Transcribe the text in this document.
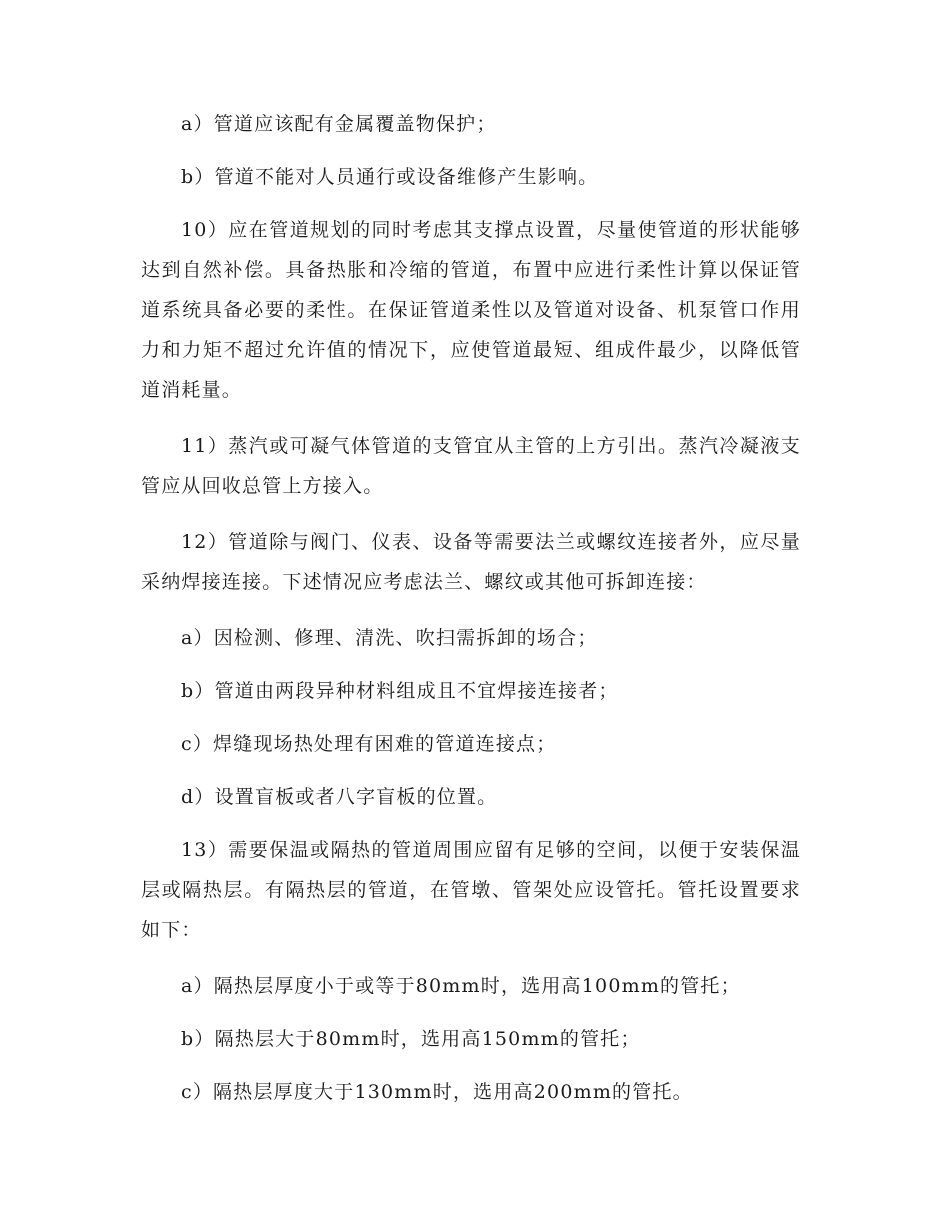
a）管道应该配有金属覆盖物保护；

b）管道不能对人员通行或设备维修产生影响。

10）应在管道规划的同时考虑其支撑点设置，尽量使管道的形状能够达到自然补偿。具备热胀和冷缩的管道，布置中应进行柔性计算以保证管道系统具备必要的柔性。在保证管道柔性以及管道对设备、机泵管口作用力和力矩不超过允许值的情况下，应使管道最短、组成件最少，以降低管道消耗量。

11）蒸汽或可凝气体管道的支管宜从主管的上方引出。蒸汽冷凝液支管应从回收总管上方接入。

12）管道除与阀门、仪表、设备等需要法兰或螺纹连接者外，应尽量采纳焊接连接。下述情况应考虑法兰、螺纹或其他可拆卸连接：

a）因检测、修理、清洗、吹扫需拆卸的场合；

b）管道由两段异种材料组成且不宜焊接连接者；

c）焊缝现场热处理有困难的管道连接点；

d）设置盲板或者八字盲板的位置。

13）需要保温或隔热的管道周围应留有足够的空间，以便于安装保温层或隔热层。有隔热层的管道，在管墩、管架处应设管托。管托设置要求如下：

a）隔热层厚度小于或等于80mm时，选用高100mm的管托；

b）隔热层大于80mm时，选用高150mm的管托；

c）隔热层厚度大于130mm时，选用高200mm的管托。
